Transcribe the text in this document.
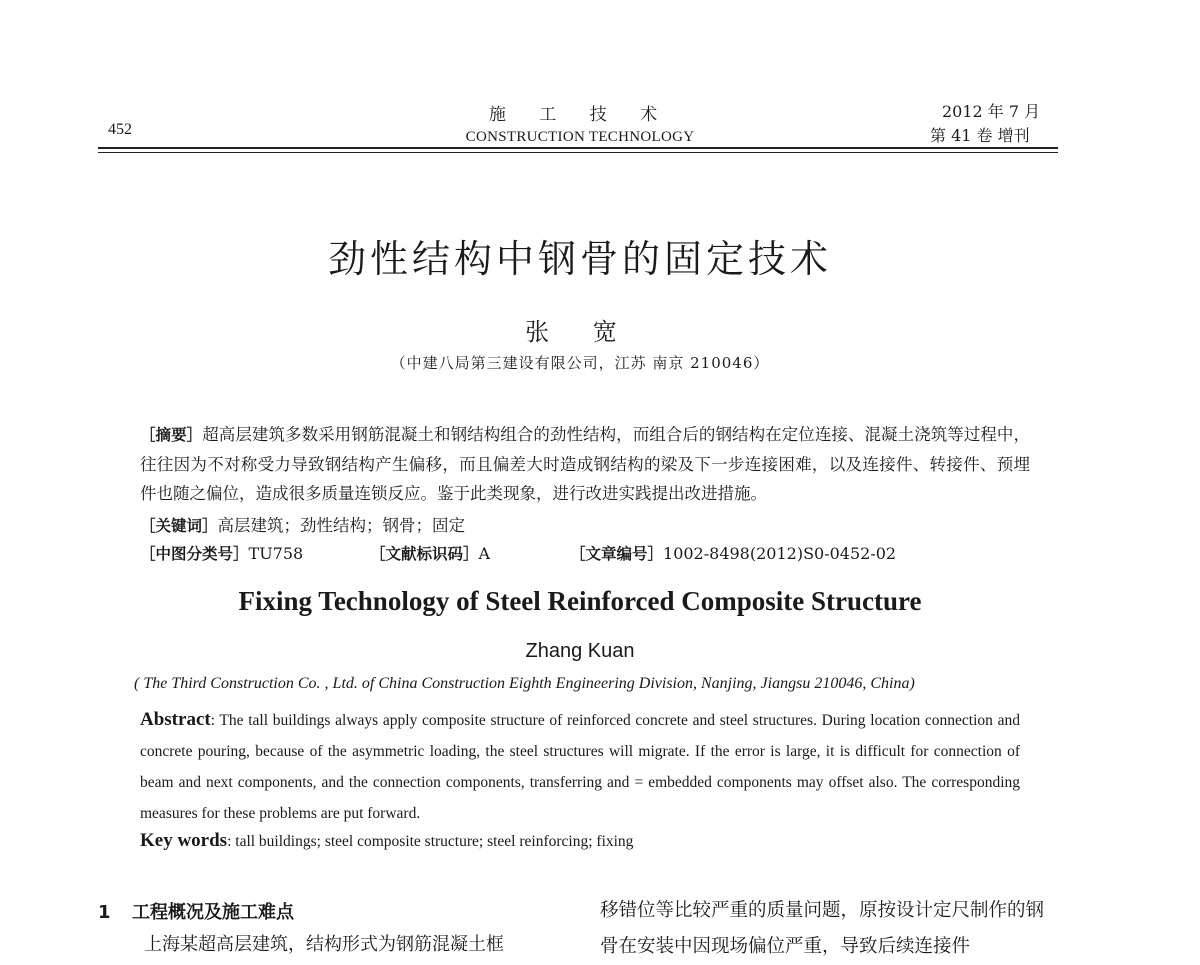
452
施 工 技 术
CONSTRUCTION TECHNOLOGY
2012 年 7 月
第 41 卷 增刊
劲性结构中钢骨的固定技术
张 宽
（中建八局第三建设有限公司，江苏 南京 210046）
［摘要］超高层建筑多数采用钢筋混凝土和钢结构组合的劲性结构，而组合后的钢结构在定位连接、混凝土浇筑等过程中，往往因为不对称受力导致钢结构产生偏移，而且偏差大时造成钢结构的梁及下一步连接困难，以及连接件、转接件、预埋件也随之偏位，造成很多质量连锁反应。鉴于此类现象，进行改进实践提出改进措施。
［关键词］高层建筑；劲性结构；钢骨；固定
［中图分类号］TU758	［文献标识码］A	［文章编号］1002-8498(2012)S0-0452-02
Fixing Technology of Steel Reinforced Composite Structure
Zhang Kuan
( The Third Construction Co. , Ltd. of China Construction Eighth Engineering Division, Nanjing, Jiangsu 210046, China)
Abstract: The tall buildings always apply composite structure of reinforced concrete and steel structures. During location connection and concrete pouring, because of the asymmetric loading, the steel structures will migrate. If the error is large, it is difficult for connection of beam and next components, and the connection components, transferring and = embedded components may offset also. The corresponding measures for these problems are put forward.
Key words: tall buildings; steel composite structure; steel reinforcing; fixing
1 工程概况及施工难点
上海某超高层建筑，结构形式为钢筋混凝土框
移错位等比较严重的质量问题，原按设计定尺制作的钢骨在安装中因现场偏位严重，导致后续连接件
